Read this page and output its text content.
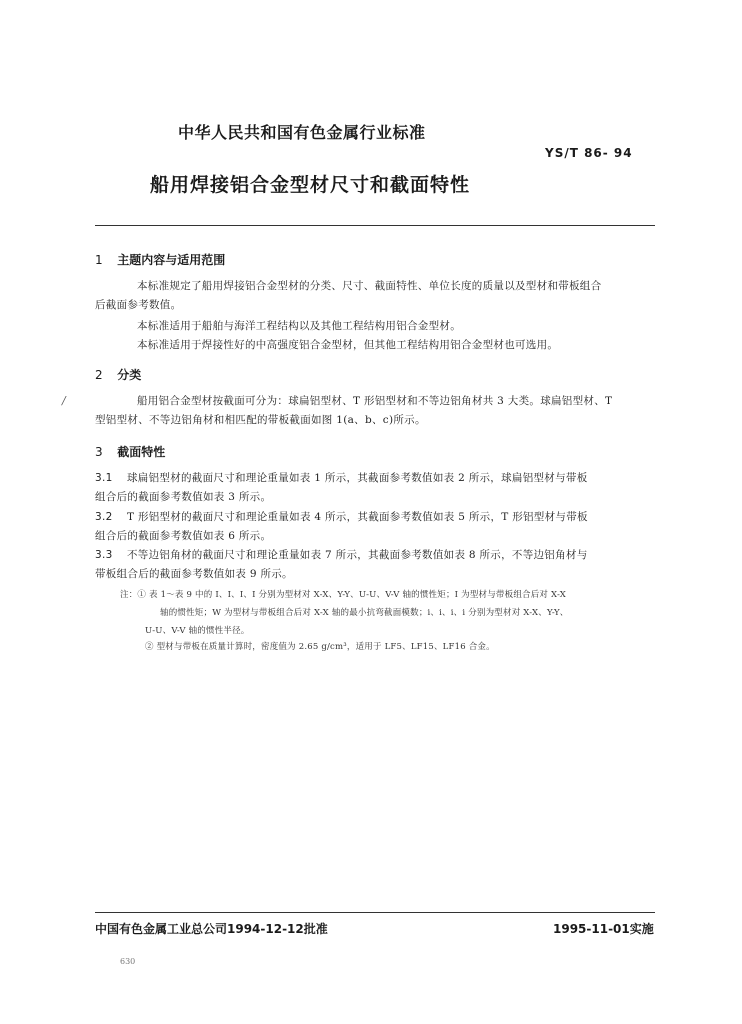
中华人民共和国有色金属行业标准
YS/T 86- 94
船用焊接铝合金型材尺寸和截面特性
1 主题内容与适用范围
本标准规定了船用焊接铝合金型材的分类、尺寸、截面特性、单位长度的质量以及型材和带板组合
后截面参考数值。
本标准适用于船舶与海洋工程结构以及其他工程结构用铝合金型材。
本标准适用于焊接性好的中高强度铝合金型材，但其他工程结构用铝合金型材也可选用。
2 分类
/	船用铝合金型材按截面可分为：球扁铝型材、T 形铝型材和不等边铝角材共 3 大类。球扁铝型材、T
型铝型材、不等边铝角材和相匹配的带板截面如图 1(a、b、c)所示。
3 截面特性
3.1 球扁铝型材的截面尺寸和理论重量如表 1 所示，其截面参考数值如表 2 所示，球扁铝型材与带板
组合后的截面参考数值如表 3 所示。
3.2 T 形铝型材的截面尺寸和理论重量如表 4 所示，其截面参考数值如表 5 所示，T 形铝型材与带板
组合后的截面参考数值如表 6 所示。
3.3 不等边铝角材的截面尺寸和理论重量如表 7 所示，其截面参考数值如表 8 所示，不等边铝角材与
带板组合后的截面参考数值如表 9 所示。
注：① 表 1～表 9 中的 I、I、I、I 分别为型材对 X-X、Y-Y、U-U、V-V 轴的惯性矩；I 为型材与带板组合后对 X-X
轴的惯性矩；W 为型材与带板组合后对 X-X 轴的最小抗弯截面模数；i、i、i、i 分别为型材对 X-X、Y-Y、
U-U、V-V 轴的惯性半径。
② 型材与带板在质量计算时，密度值为 2.65 g/cm³，适用于 LF5、LF15、LF16 合金。
中国有色金属工业总公司1994-12-12批准	1995-11-01实施
630
